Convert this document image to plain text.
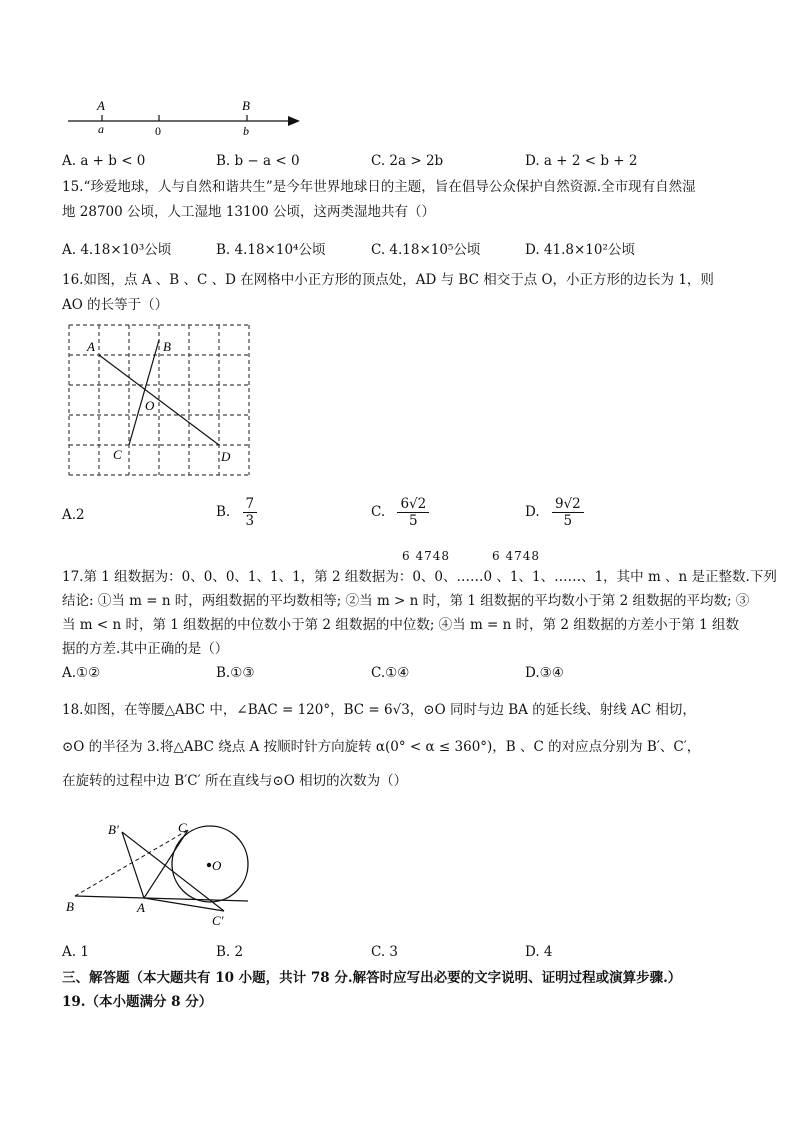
A
a	0
B
b
A. a + b < 0	B. b − a < 0	C. 2a > 2b	D. a + 2 < b + 2
15.“珍爱地球，人与自然和谐共生”是今年世界地球日的主题，旨在倡导公众保护自然资源.全市现有自然湿
地 28700 公顷，人工湿地 13100 公顷，这两类湿地共有（）
A. 4.18×10³公顷	B. 4.18×10⁴公顷	C. 4.18×10⁵公顷	D. 41.8×10²公顷
16.如图，点 A 、B 、C 、D 在网格中小正方形的顶点处，AD 与 BC 相交于点 O，小正方形的边长为 1，则
AO 的长等于（）
A	B
O
C	D
A.2	B. $\frac{7}{3}$	C. $\frac{6√2}{5}$	D. $\frac{9√2}{5}$
6 4748	6 4748
17.第 1 组数据为：0、0、0、1、1、1，第 2 组数据为：0、0、……0 、1、1、……、1，其中 m 、n 是正整数.下列
结论: ①当 m = n 时，两组数据的平均数相等; ②当 m > n 时，第 1 组数据的平均数小于第 2 组数据的平均数; ③
当 m < n 时，第 1 组数据的中位数小于第 2 组数据的中位数; ④当 m = n 时，第 2 组数据的方差小于第 1 组数
据的方差.其中正确的是（）
A.①②	B.①③	C.①④	D.③④
18.如图，在等腰△ABC 中，∠BAC = 120°，BC = 6√3，⊙O 同时与边 BA 的延长线、射线 AC 相切，
⊙O 的半径为 3.将△ABC 绕点 A 按顺时针方向旋转 α(0° < α ≤ 360°)，B 、C 的对应点分别为 B′、C′，
在旋转的过程中边 B′C′ 所在直线与⊙O 相切的次数为（）
B′	C
O
B	A
C′
A. 1	B. 2	C. 3	D. 4
三、解答题（本大题共有 10 小题，共计 78 分.解答时应写出必要的文字说明、证明过程或演算步骤.）
19.（本小题满分 8 分）
